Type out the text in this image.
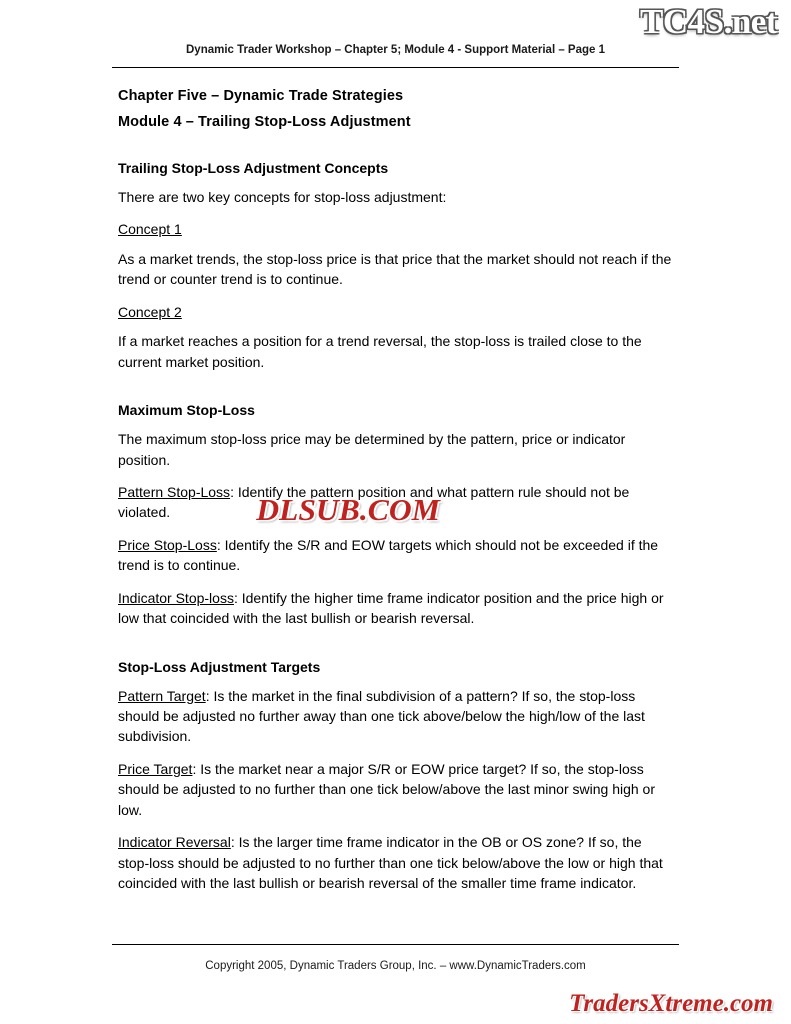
TC4S.net
Dynamic Trader Workshop – Chapter 5; Module 4 - Support Material – Page 1
Chapter Five – Dynamic Trade Strategies
Module 4 – Trailing Stop-Loss Adjustment
Trailing Stop-Loss Adjustment Concepts

There are two key concepts for stop-loss adjustment:

Concept 1

As a market trends, the stop-loss price is that price that the market should not reach if the trend or counter trend is to continue.

Concept 2

If a market reaches a position for a trend reversal, the stop-loss is trailed close to the current market position.

Maximum Stop-Loss

The maximum stop-loss price may be determined by the pattern, price or indicator position.

Pattern Stop-Loss: Identify the pattern position and what pattern rule should not be violated.

Price Stop-Loss: Identify the S/R and EOW targets which should not be exceeded if the trend is to continue.

Indicator Stop-loss: Identify the higher time frame indicator position and the price high or low that coincided with the last bullish or bearish reversal.

Stop-Loss Adjustment Targets

Pattern Target: Is the market in the final subdivision of a pattern? If so, the stop-loss should be adjusted no further away than one tick above/below the high/low of the last subdivision.

Price Target: Is the market near a major S/R or EOW price target? If so, the stop-loss should be adjusted to no further than one tick below/above the last minor swing high or low.

Indicator Reversal: Is the larger time frame indicator in the OB or OS zone? If so, the stop-loss should be adjusted to no further than one tick below/above the low or high that coincided with the last bullish or bearish reversal of the smaller time frame indicator.

DLSUB.COM
Copyright 2005, Dynamic Traders Group, Inc. – www.DynamicTraders.com
TradersXtreme.com
